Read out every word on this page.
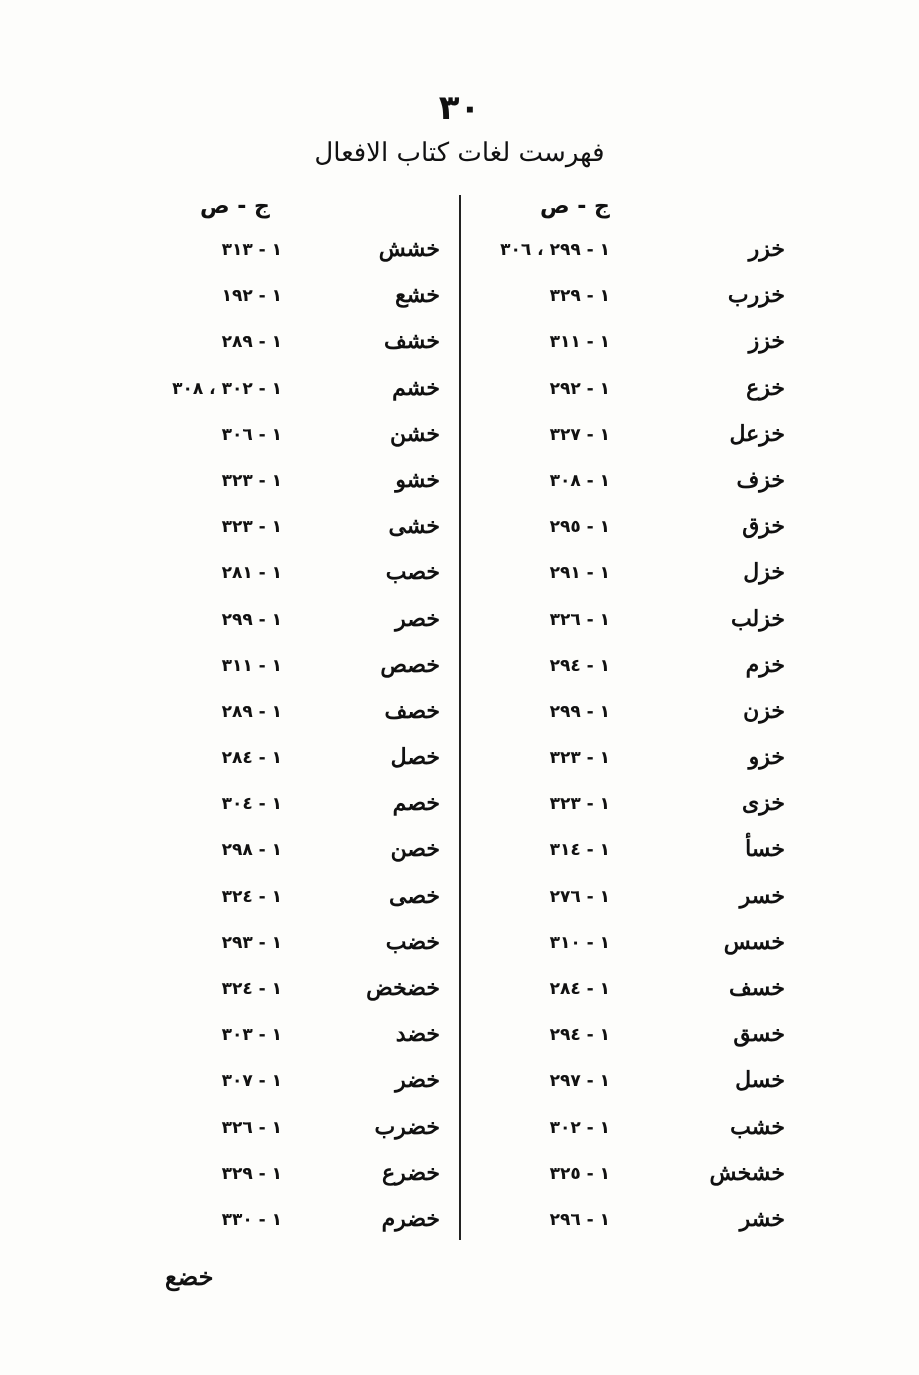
٣٠
فهرست لغات كتاب الافعال
ج - ص
ج - ص
خزر
١ - ٢٩٩ ، ٣٠٦
خزرب
١ - ٣٢٩
خزز
١ - ٣١١
خزع
١ - ٢٩٢
خزعل
١ - ٣٢٧
خزف
١ - ٣٠٨
خزق
١ - ٢٩٥
خزل
١ - ٢٩١
خزلب
١ - ٣٢٦
خزم
١ - ٢٩٤
خزن
١ - ٢٩٩
خزو
١ - ٣٢٣
خزى
١ - ٣٢٣
خسأ
١ - ٣١٤
خسر
١ - ٢٧٦
خسس
١ - ٣١٠
خسف
١ - ٢٨٤
خسق
١ - ٢٩٤
خسل
١ - ٢٩٧
خشب
١ - ٣٠٢
خشخش
١ - ٣٢٥
خشر
١ - ٢٩٦
خشش
١ - ٣١٣
خشع
١ - ١٩٢
خشف
١ - ٢٨٩
خشم
١ - ٣٠٢ ، ٣٠٨
خشن
١ - ٣٠٦
خشو
١ - ٣٢٣
خشى
١ - ٣٢٣
خصب
١ - ٢٨١
خصر
١ - ٢٩٩
خصص
١ - ٣١١
خصف
١ - ٢٨٩
خصل
١ - ٢٨٤
خصم
١ - ٣٠٤
خصن
١ - ٢٩٨
خصى
١ - ٣٢٤
خضب
١ - ٢٩٣
خضخض
١ - ٣٢٤
خضد
١ - ٣٠٣
خضر
١ - ٣٠٧
خضرب
١ - ٣٢٦
خضرع
١ - ٣٢٩
خضرم
١ - ٣٣٠
خضع
